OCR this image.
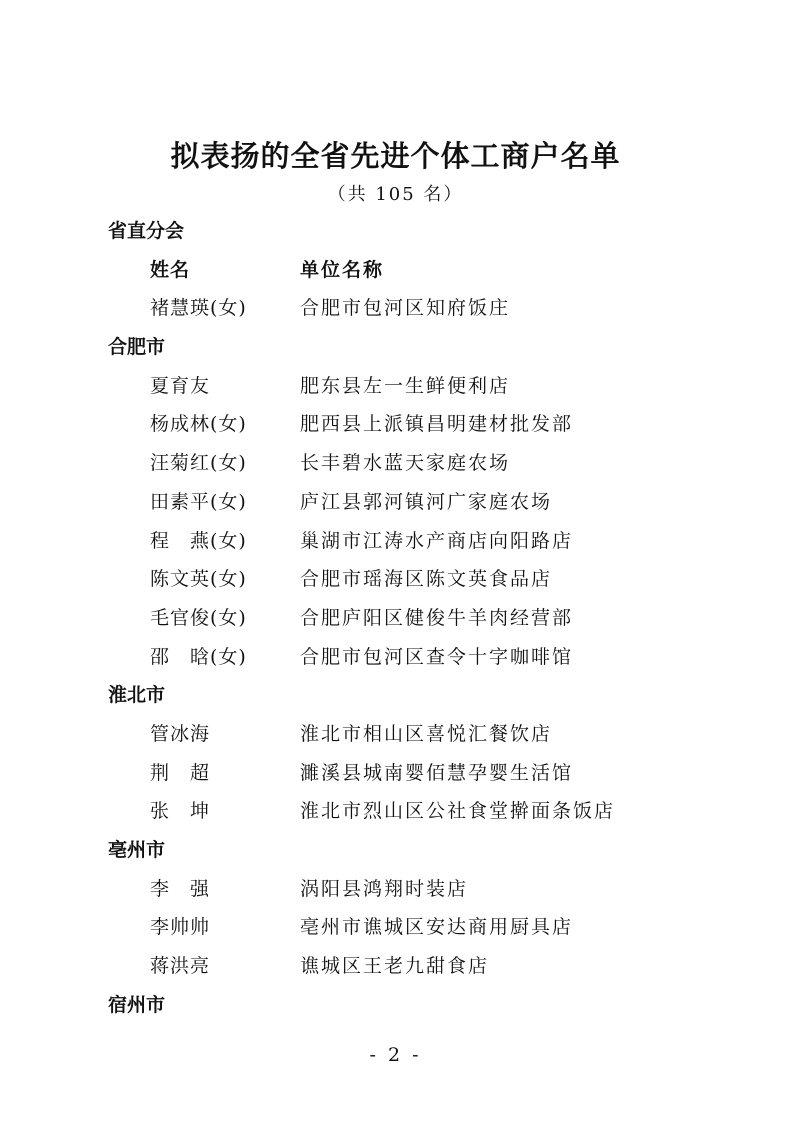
拟表扬的全省先进个体工商户名单
（共 105 名）
省直分会
姓名	单位名称
褚慧瑛(女)	合肥市包河区知府饭庄
合肥市
夏育友	肥东县左一生鲜便利店
杨成林(女)	肥西县上派镇昌明建材批发部
汪菊红(女)	长丰碧水蓝天家庭农场
田素平(女)	庐江县郭河镇河广家庭农场
程　燕(女)	巢湖市江涛水产商店向阳路店
陈文英(女)	合肥市瑶海区陈文英食品店
毛官俊(女)	合肥庐阳区健俊牛羊肉经营部
邵　晗(女)	合肥市包河区查令十字咖啡馆
淮北市
管冰海	淮北市相山区喜悦汇餐饮店
荆　超	濉溪县城南婴佰慧孕婴生活馆
张　坤	淮北市烈山区公社食堂擀面条饭店
亳州市
李　强	涡阳县鸿翔时装店
李帅帅	亳州市谯城区安达商用厨具店
蒋洪亮	谯城区王老九甜食店
宿州市
- 2 -
